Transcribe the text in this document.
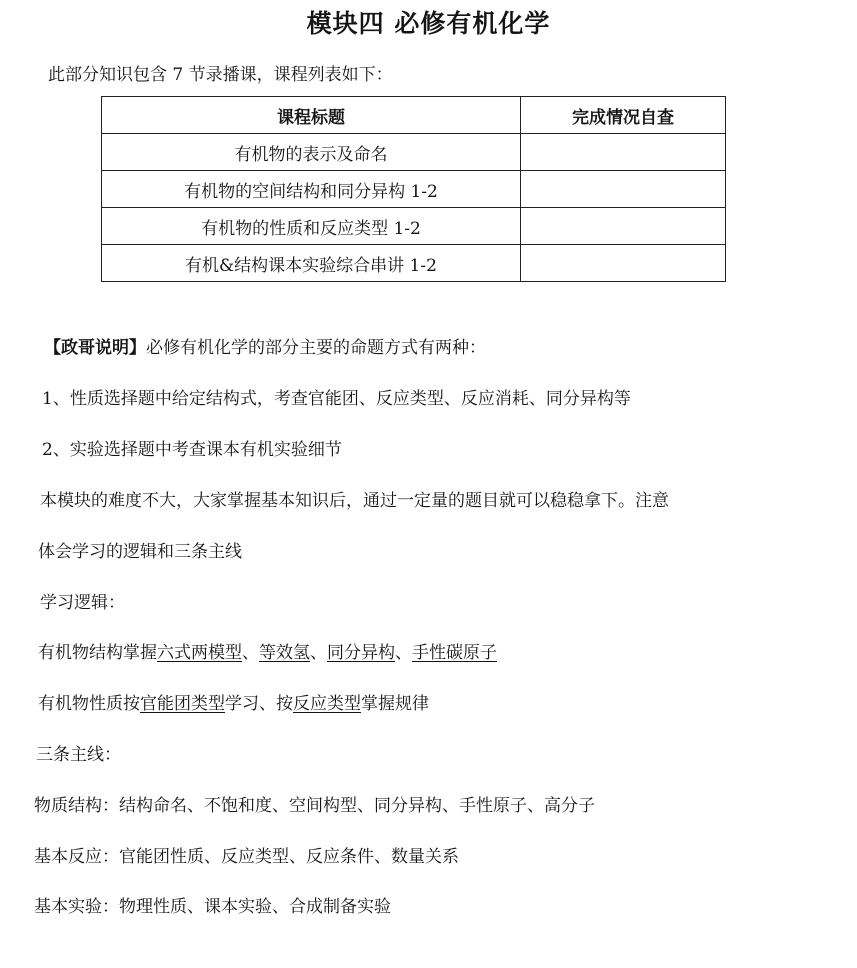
模块四 必修有机化学
此部分知识包含 7 节录播课，课程列表如下：
课程标题	完成情况自查
有机物的表示及命名	
有机物的空间结构和同分异构 1-2	
有机物的性质和反应类型 1-2	
有机&结构课本实验综合串讲 1-2	
【政哥说明】必修有机化学的部分主要的命题方式有两种：
1、性质选择题中给定结构式，考查官能团、反应类型、反应消耗、同分异构等
2、实验选择题中考查课本有机实验细节
本模块的难度不大，大家掌握基本知识后，通过一定量的题目就可以稳稳拿下。注意
体会学习的逻辑和三条主线
学习逻辑：
有机物结构掌握六式两模型、等效氢、同分异构、手性碳原子
有机物性质按官能团类型学习、按反应类型掌握规律
三条主线：
物质结构：结构命名、不饱和度、空间构型、同分异构、手性原子、高分子
基本反应：官能团性质、反应类型、反应条件、数量关系
基本实验：物理性质、课本实验、合成制备实验
